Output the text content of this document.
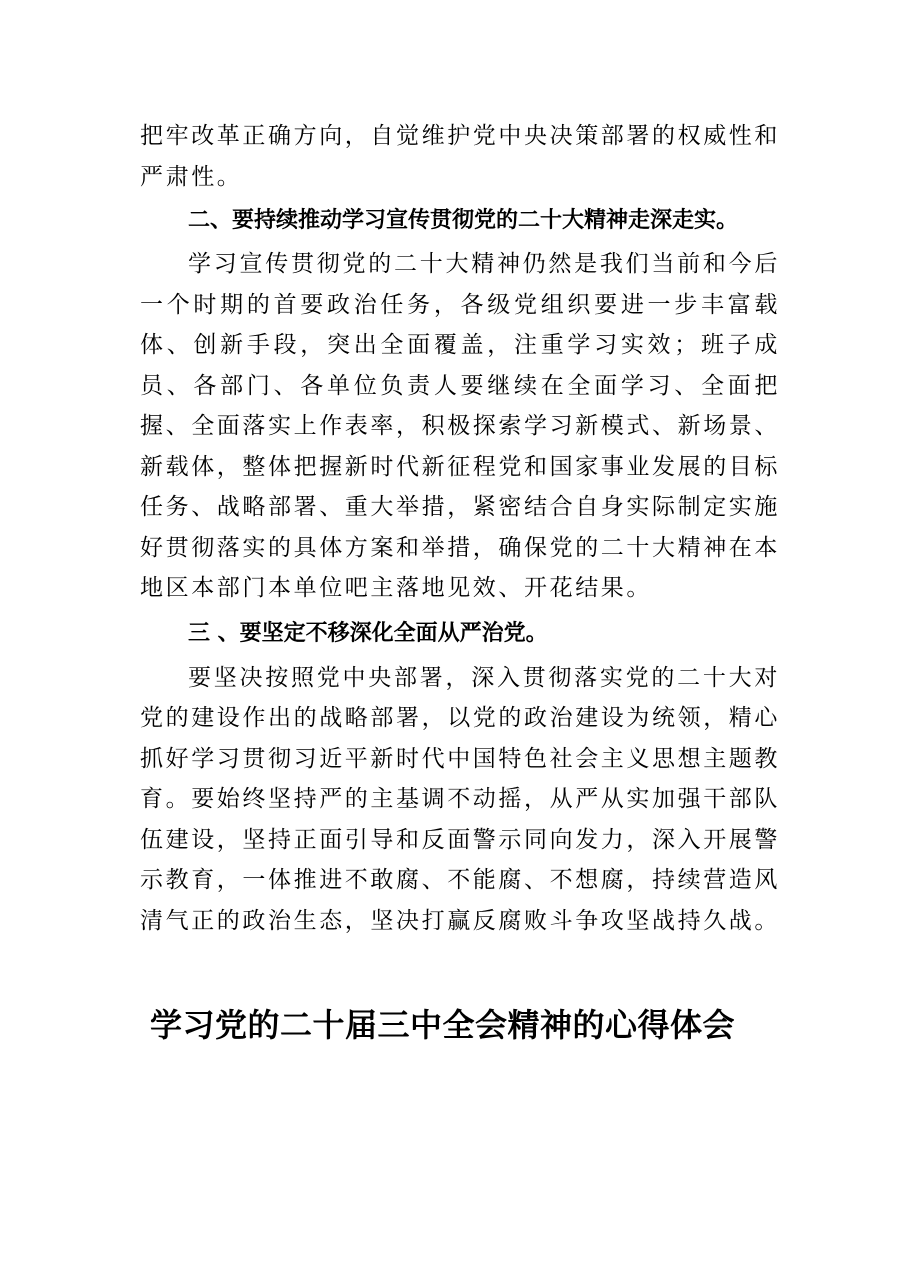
把牢改革正确方向，自觉维护党中央决策部署的权威性和严肃性。

二、要持续推动学习宣传贯彻党的二十大精神走深走实。

学习宣传贯彻党的二十大精神仍然是我们当前和今后一个时期的首要政治任务，各级党组织要进一步丰富载体、创新手段，突出全面覆盖，注重学习实效；班子成员、各部门、各单位负责人要继续在全面学习、全面把握、全面落实上作表率，积极探索学习新模式、新场景、新载体，整体把握新时代新征程党和国家事业发展的目标任务、战略部署、重大举措，紧密结合自身实际制定实施好贯彻落实的具体方案和举措，确保党的二十大精神在本地区本部门本单位吧主落地见效、开花结果。

三 、要坚定不移深化全面从严治党。

要坚决按照党中央部署，深入贯彻落实党的二十大对党的建设作出的战略部署，以党的政治建设为统领，精心抓好学习贯彻习近平新时代中国特色社会主义思想主题教育。要始终坚持严的主基调不动摇，从严从实加强干部队伍建设，坚持正面引导和反面警示同向发力，深入开展警示教育，一体推进不敢腐、不能腐、不想腐，持续营造风清气正的政治生态，坚决打赢反腐败斗争攻坚战持久战。

学习党的二十届三中全会精神的心得体会
